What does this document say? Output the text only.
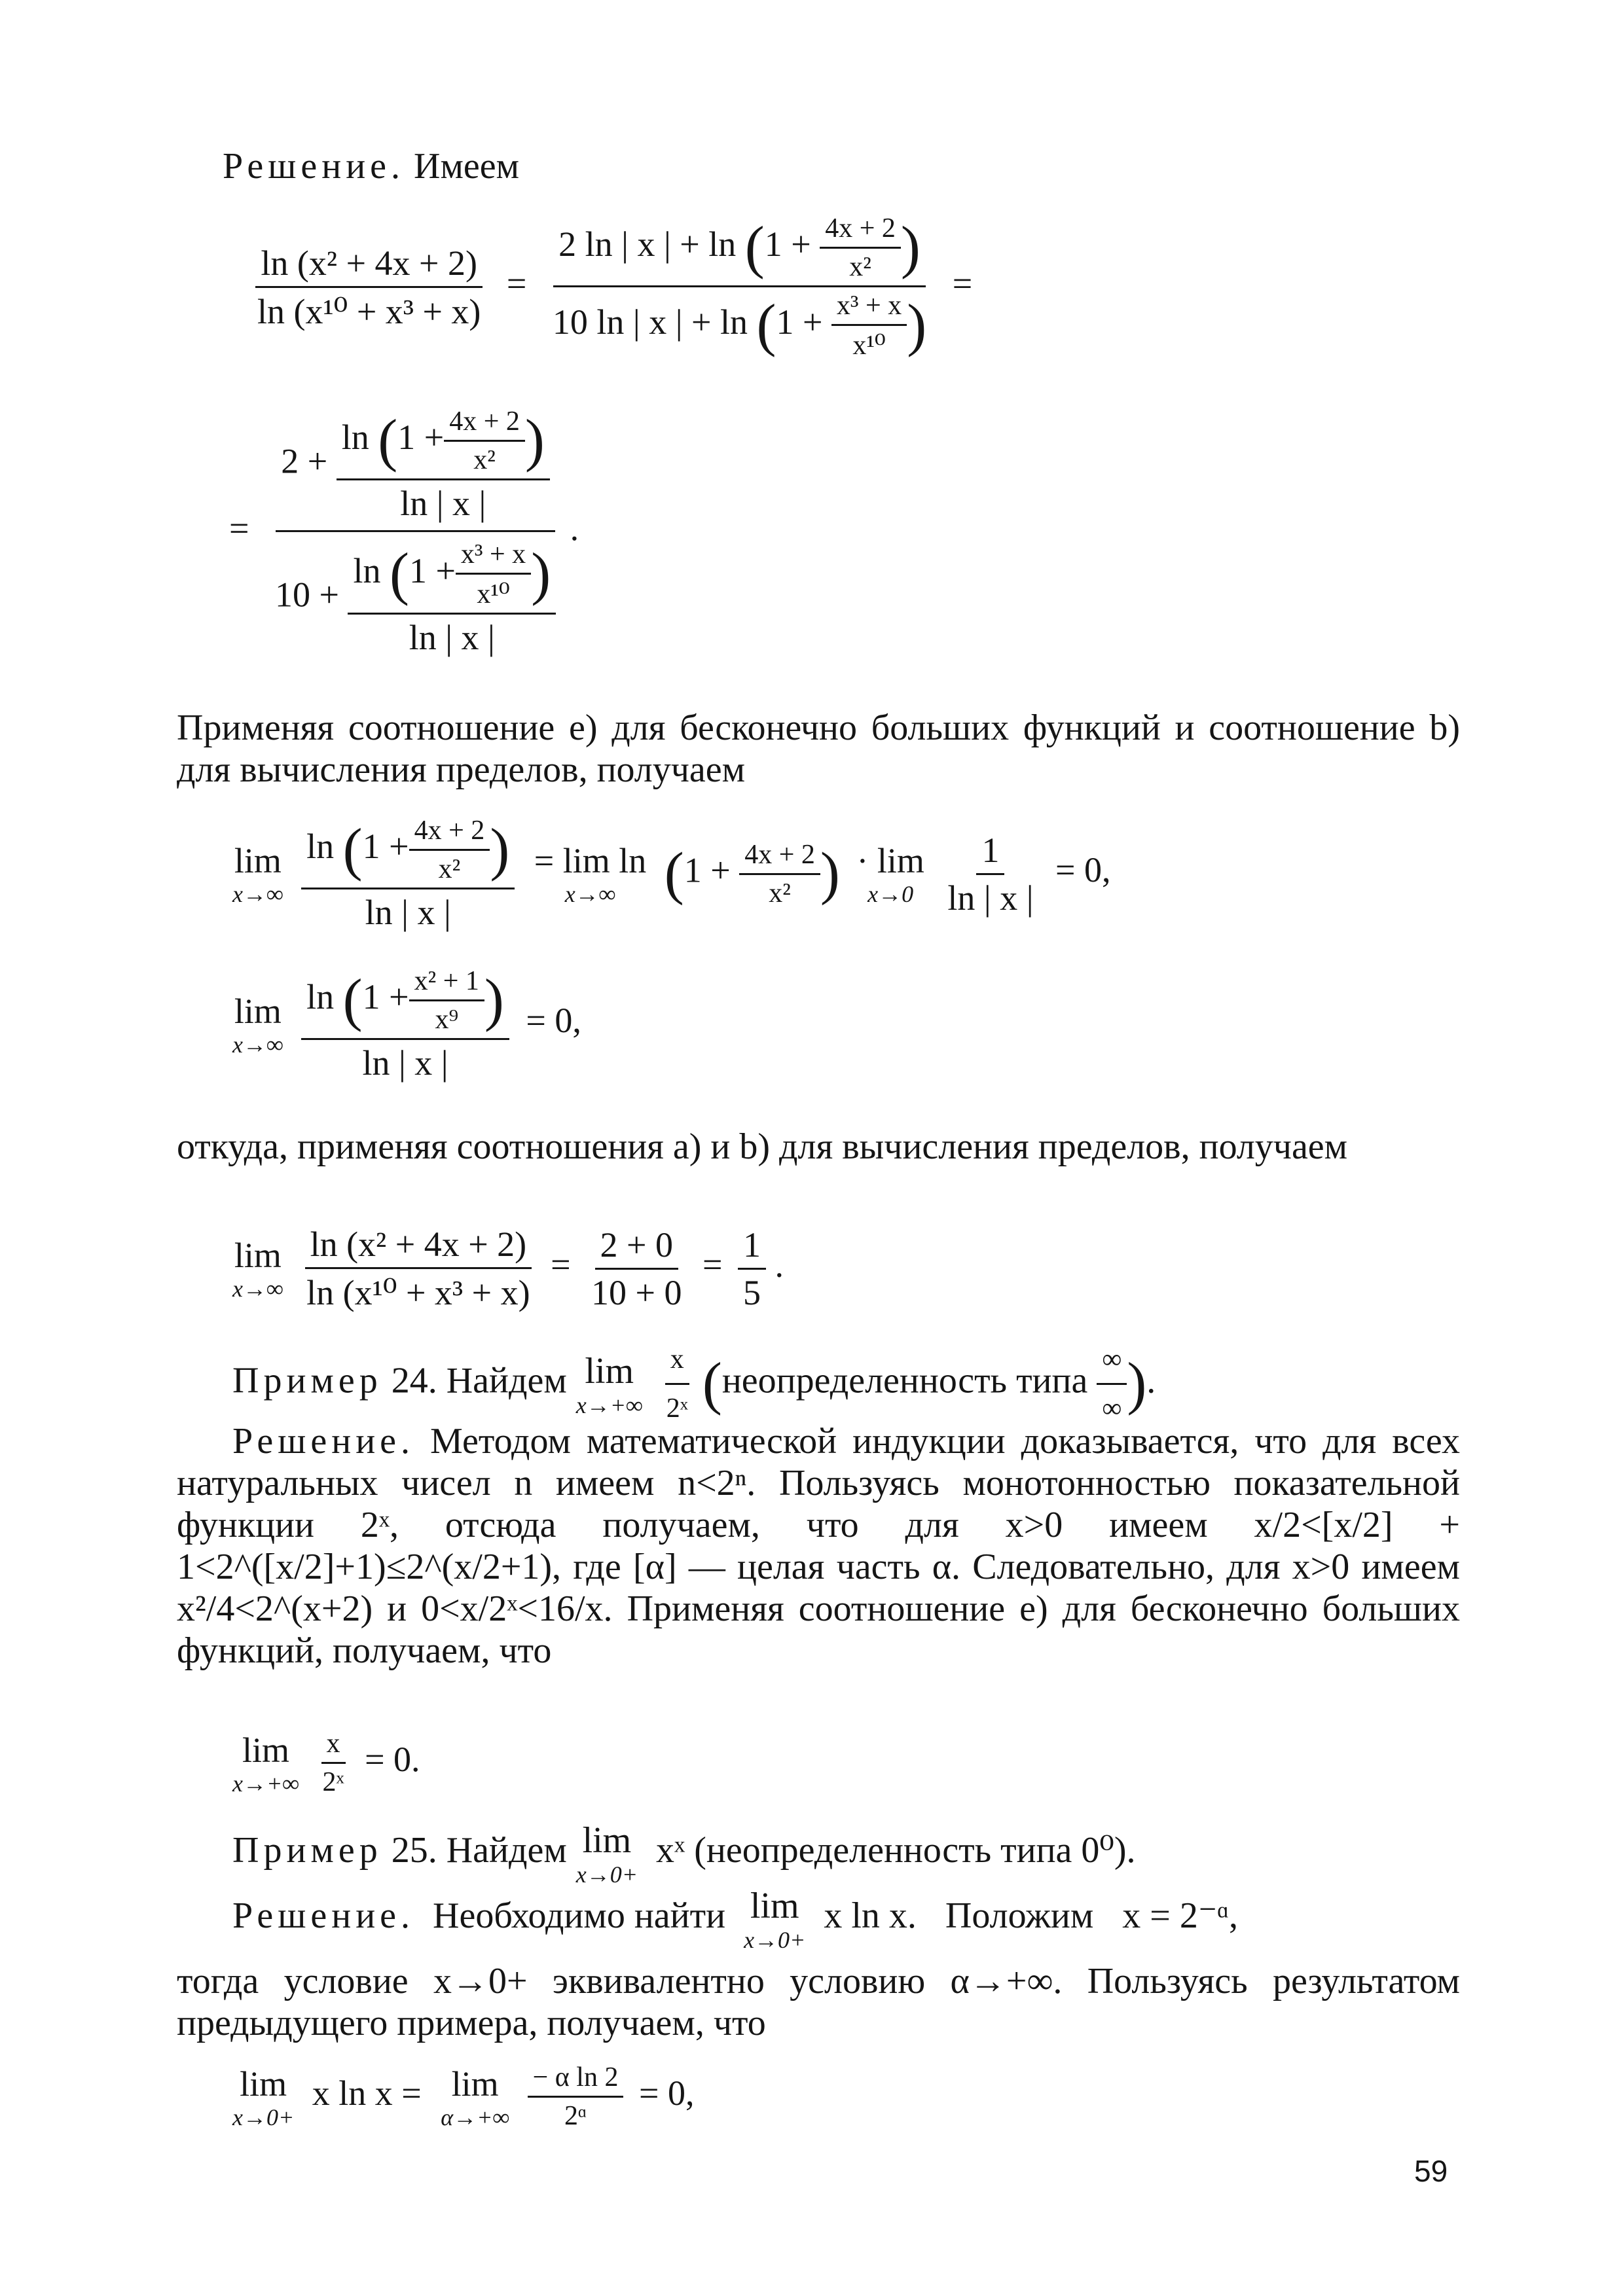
Решение. Имеем
$\frac{\text{ln (x² + 4x + 2)}}{\text{ln (x¹⁰ + x³ + x)}} = \frac{2 \ln | x | + \ln (1 + \frac{4x + 2}{\text{x²}} )}{10 \ln | x | + \ln (1 + \frac{\text{x³ + x}}{\text{x¹⁰}} )}$ =
= $\frac{2 + \frac{\ln (1 + \frac{4x + 2}{\text{x²}} )}{\ln | x |}}{10 + \frac{\ln (1 + \frac{\text{x³ + x}}{\text{x¹⁰}} )}{\ln | x |}}$ .
Применяя соотношение e) для бесконечно больших функций и соотношение b) для вычисления пределов, получаем
lim
x→∞
$\frac{\ln (1 + \frac{4x + 2}{\text{x²}} )}{\ln | x |}$
= lim ln
x→∞ ($1 + \frac{4x + 2}{\text{x²}}$ ) · lim
x→0
$\frac{1}{\ln | x |} = 0$,
lim
x→∞
$\frac{\ln (1 + \frac{\text{x² + 1}}{\text{x⁹}} )}{\ln | x |} = 0$,
откуда, применяя соотношения a) и b) для вычисления пределов, получаем
lim
x→∞
$\frac{\text{ln (x² + 4x + 2)}}{\text{ln (x¹⁰ + x³ + x)}} = \frac{2 + 0}{10 + 0} = \frac{1}{5}$ .
Пример 24. Найдем lim
x→+∞
$\frac{x}{\text{2ˣ}}$ (неопределенность типа $\frac{\infty}{\infty}$ ).
Решение. Методом математической индукции доказывается, что для всех натуральных чисел n имеем n<2ⁿ. Пользуясь монотонностью показательной функции 2ˣ, отсюда получаем, что для x>0 имеем x/2<[x/2] + 1<2^([x/2]+1)≤2^(x/2+1), где [α] — целая часть α. Следовательно, для x>0 имеем x²/4<2^(x+2) и 0<x/2ˣ<16/x. Применяя соотношение e) для бесконечно больших функций, получаем, что
lim
x→+∞
$\frac{x}{\text{2ˣ}} = 0$.
Пример 25. Найдем lim
x→0+
xˣ (неопределенность типа 0⁰).
Решение. Необходимо найти lim
x→0+
x ln x. Положим x = 2⁻ᵅ,
тогда условие x→0+ эквивалентно условию α→+∞. Пользуясь результатом предыдущего примера, получаем, что
lim
x→0+
x ln x = lim
α→+∞
$\frac{\text{− α ln 2}}{\text{2ᵅ}} = 0$,
59
